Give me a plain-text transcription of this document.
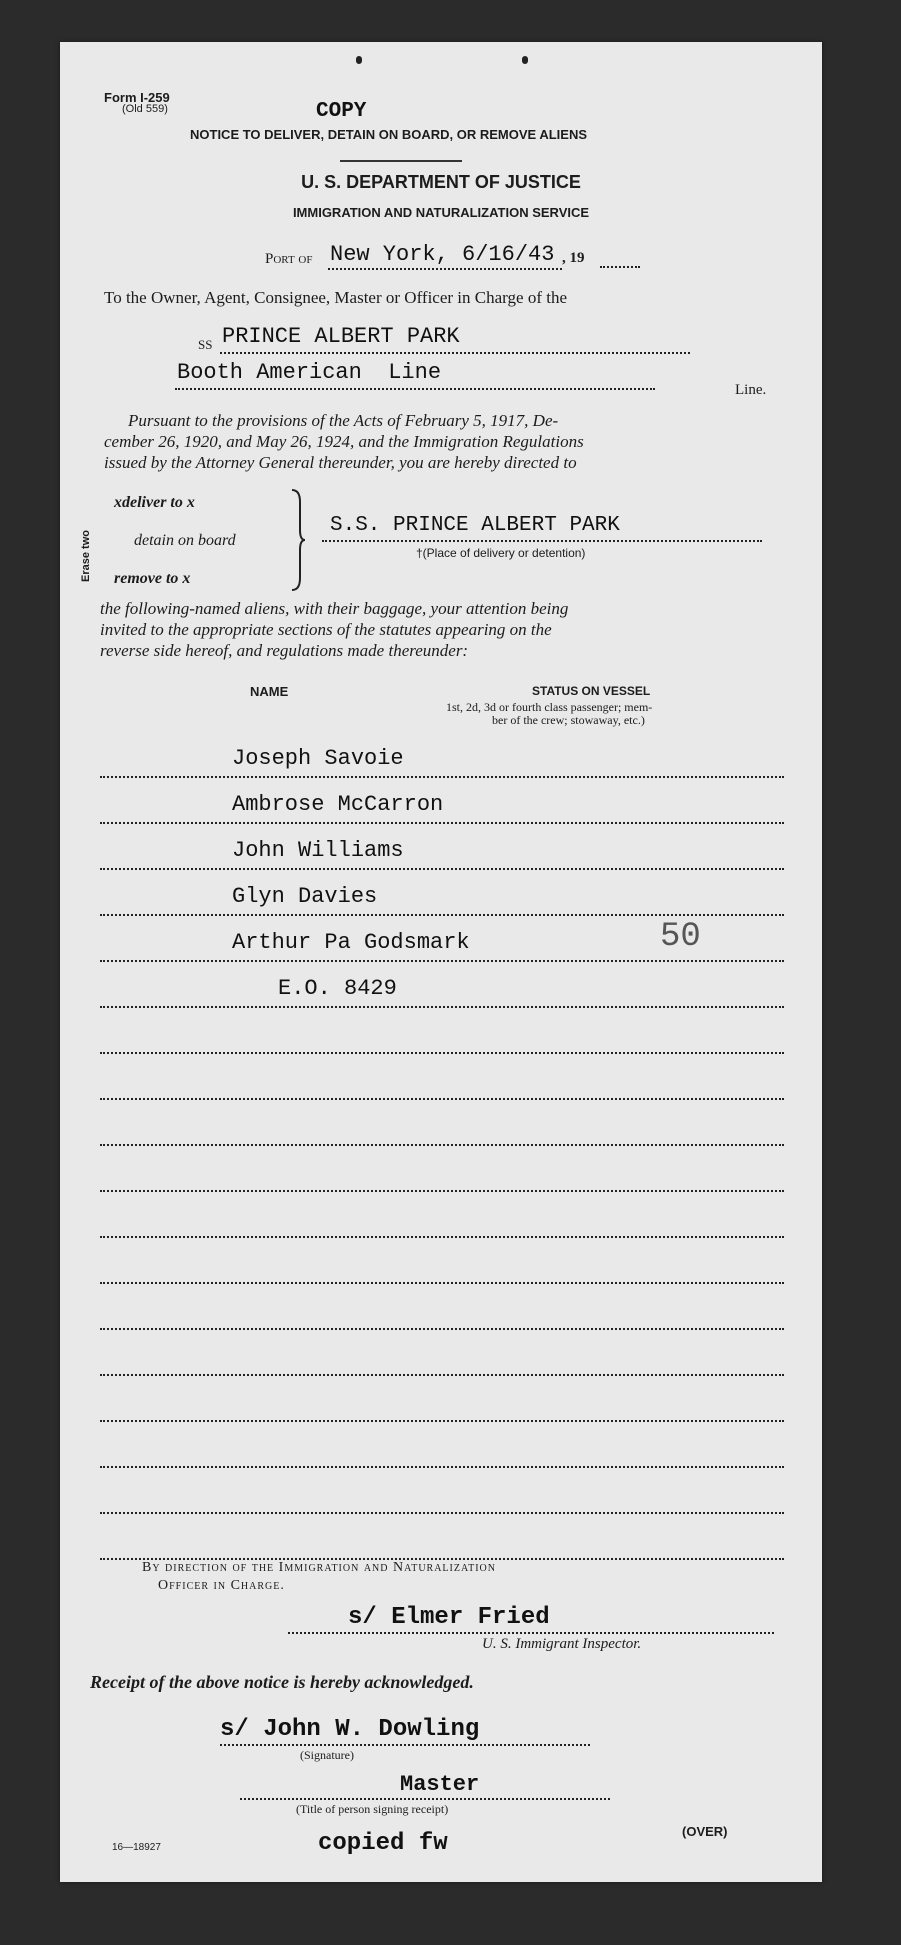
Form I-259
(Old 559)	COPY
NOTICE TO DELIVER, DETAIN ON BOARD, OR REMOVE ALIENS
U. S. DEPARTMENT OF JUSTICE
IMMIGRATION AND NATURALIZATION SERVICE
Port of New York, 6/16/43 , 19
To the Owner, Agent, Consignee, Master or Officer in Charge of the
SS PRINCE ALBERT PARK
Booth American  Line
Line.
Pursuant to the provisions of the Acts of February 5, 1917, De-
cember 26, 1920, and May 26, 1924, and the Immigration Regulations
issued by the Attorney General thereunder, you are hereby directed to
Erase two
xdeliver to x
detain on board
remove to x
S.S. PRINCE ALBERT PARK
†(Place of delivery or detention)
the following-named aliens, with their baggage, your attention being
invited to the appropriate sections of the statutes appearing on the
reverse side hereof, and regulations made thereunder:
NAME	STATUS ON VESSEL
1st, 2d, 3d or fourth class passenger; mem-
ber of the crew; stowaway, etc.)
Joseph Savoie
Ambrose McCarron
John Williams
Glyn Davies
Arthur Pa Godsmark	50
E.O. 8429
By direction of the Immigration and Naturalization
Officer in Charge.
s/ Elmer Fried
U. S. Immigrant Inspector.
Receipt of the above notice is hereby acknowledged.
s/ John W. Dowling
(Signature)
Master
(Title of person signing receipt)
16—18927	copied fw	(OVER)
